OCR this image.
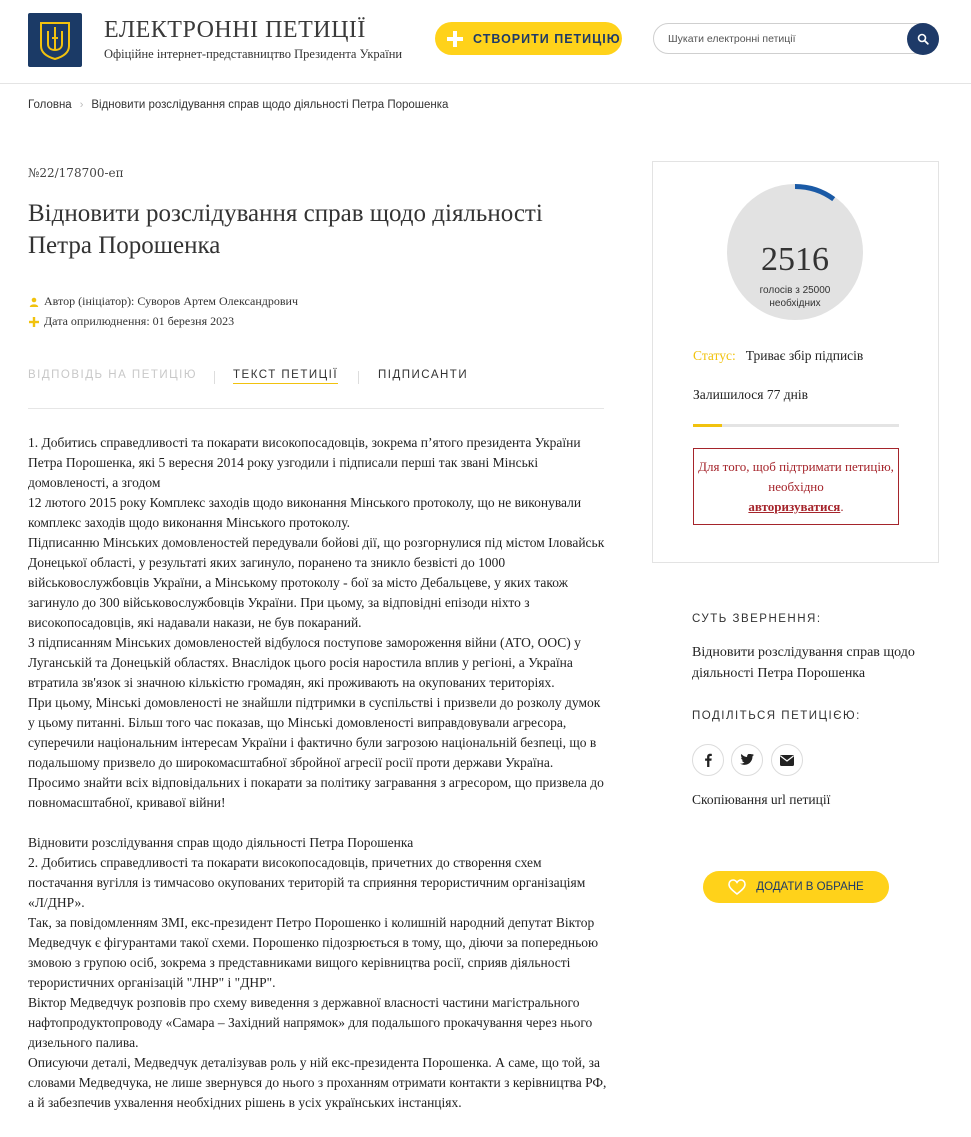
ЕЛЕКТРОННІ ПЕТИЦІЇ
Офіційне інтернет-представництво Президента України
СТВОРИТИ ПЕТИЦІЮ
Шукати електронні петиції
Головна › Відновити розслідування справ щодо діяльності Петра Порошенка
№22/178700-еп
Відновити розслідування справ щодо діяльності Петра Порошенка
Автор (ініціатор): Суворов Артем Олександрович
Дата оприлюднення: 01 березня 2023
ВІДПОВІДЬ НА ПЕТИЦІЮ	ТЕКСТ ПЕТИЦІЇ	ПІДПИСАНТИ

1. Добитись справедливості та покарати високопосадовців, зокрема п’ятого президента України Петра Порошенка, які 5 вересня 2014 року узгодили і підписали перші так звані Мінські домовленості, а згодом

12 лютого 2015 року Комплекс заходів щодо виконання Мінського протоколу, що не виконували комплекс заходів щодо виконання Мінського протоколу.

Підписанню Мінських домовленостей передували бойові дії, що розгорнулися під містом Іловайськ Донецької області, у результаті яких загинуло, поранено та зникло безвісті до 1000 військовослужбовців України, а Мінському протоколу - бої за місто Дебальцеве, у яких також загинуло до 300 військовослужбовців України. При цьому, за відповідні епізоди ніхто з високопосадовців, які надавали накази, не був покараний.

З підписанням Мінських домовленостей відбулося поступове замороження війни (АТО, ООС) у Луганській та Донецькій областях. Внаслідок цього росія наростила вплив у регіоні, а Україна втратила зв'язок зі значною кількістю громадян, які проживають на окупованих територіях.

При цьому, Мінські домовленості не знайшли підтримки в суспільстві і призвели до розколу думок у цьому питанні. Більш того час показав, що Мінські домовленості виправдовували агресора, суперечили національним інтересам України і фактично були загрозою національній безпеці, що в подальшому призвело до широкомасштабної збройної агресії росії проти держави Україна.

Просимо знайти всіх відповідальних і покарати за політику загравання з агресором, що призвела до повномасштабної, кривавої війни!

Відновити розслідування справ щодо діяльності Петра Порошенка

2. Добитись справедливості та покарати високопосадовців, причетних до створення схем постачання вугілля із тимчасово окупованих територій та сприяння терористичним організаціям «Л/ДНР».

Так, за повідомленням ЗМІ, екс-президент Петро Порошенко і колишній народний депутат Віктор Медведчук є фігурантами такої схеми. Порошенко підозрюється в тому, що, діючи за попередньою змовою з групою осіб, зокрема з представниками вищого керівництва росії, сприяв діяльності терористичних організацій "ЛНР" і "ДНР".

Віктор Медведчук розповів про схему виведення з державної власності частини магістрального нафтопродуктопроводу «Самара – Західний напрямок» для подальшого прокачування через нього дизельного палива.

Описуючи деталі, Медведчук деталізував роль у ній екс-президента Порошенка. А саме, що той, за словами Медведчука, не лише звернувся до нього з проханням отримати контакти з керівництва РФ, а й забезпечив ухвалення необхідних рішень в усіх українських інстанціях.

2516
голосів з 25000 необхідних
Статус: Триває збір підписів
Залишилося 77 днів
Для того, щоб підтримати петицію, необхідно
авторизуватися.
СУТЬ ЗВЕРНЕННЯ:
Відновити розслідування справ щодо діяльності Петра Порошенка
ПОДІЛІТЬСЯ ПЕТИЦІЄЮ:
Скопіювання url петиції
ДОДАТИ В ОБРАНЕ
